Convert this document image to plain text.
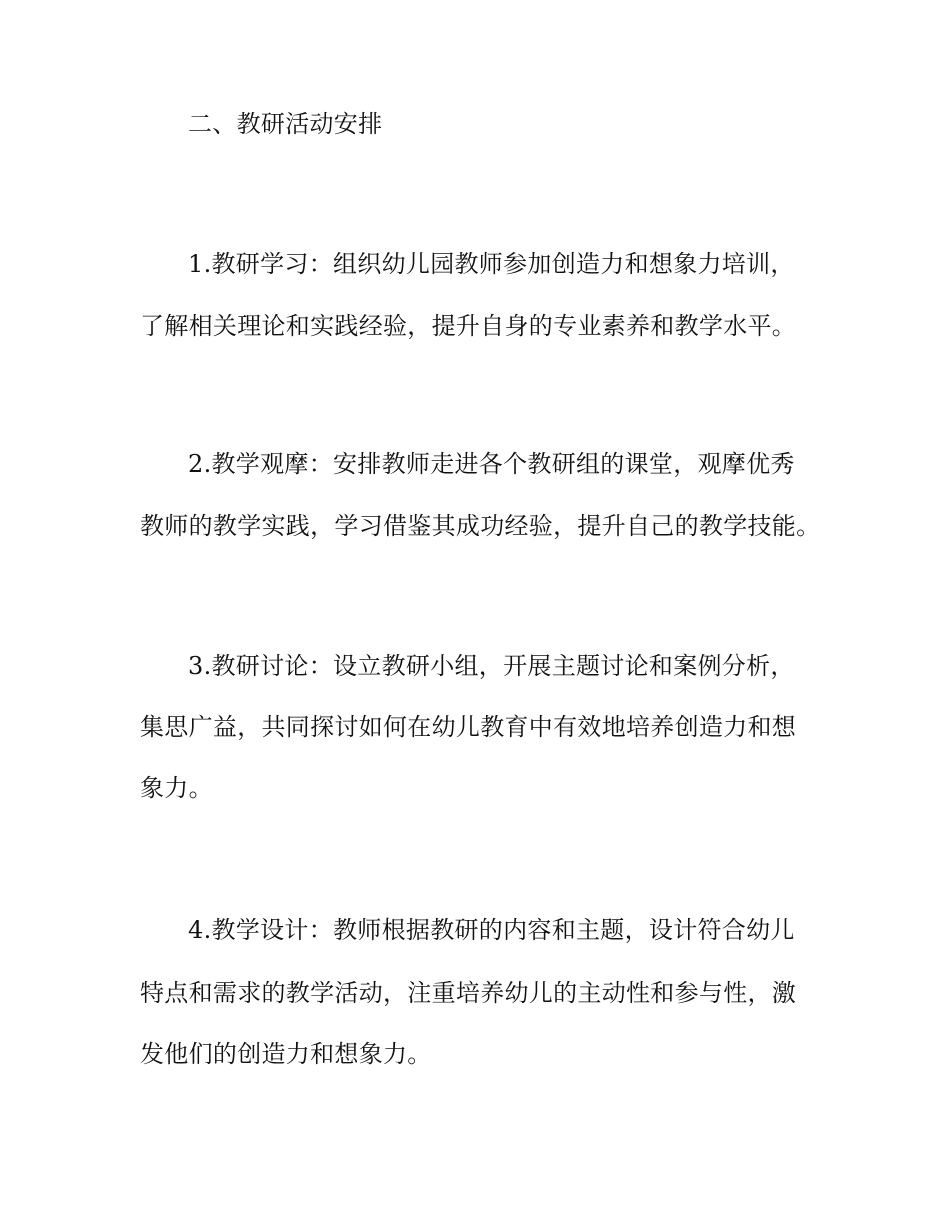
二、教研活动安排
1.教研学习：组织幼儿园教师参加创造力和想象力培训，
了解相关理论和实践经验，提升自身的专业素养和教学水平。
2.教学观摩：安排教师走进各个教研组的课堂，观摩优秀
教师的教学实践，学习借鉴其成功经验，提升自己的教学技能。
3.教研讨论：设立教研小组，开展主题讨论和案例分析，
集思广益，共同探讨如何在幼儿教育中有效地培养创造力和想
象力。
4.教学设计：教师根据教研的内容和主题，设计符合幼儿
特点和需求的教学活动，注重培养幼儿的主动性和参与性，激
发他们的创造力和想象力。
